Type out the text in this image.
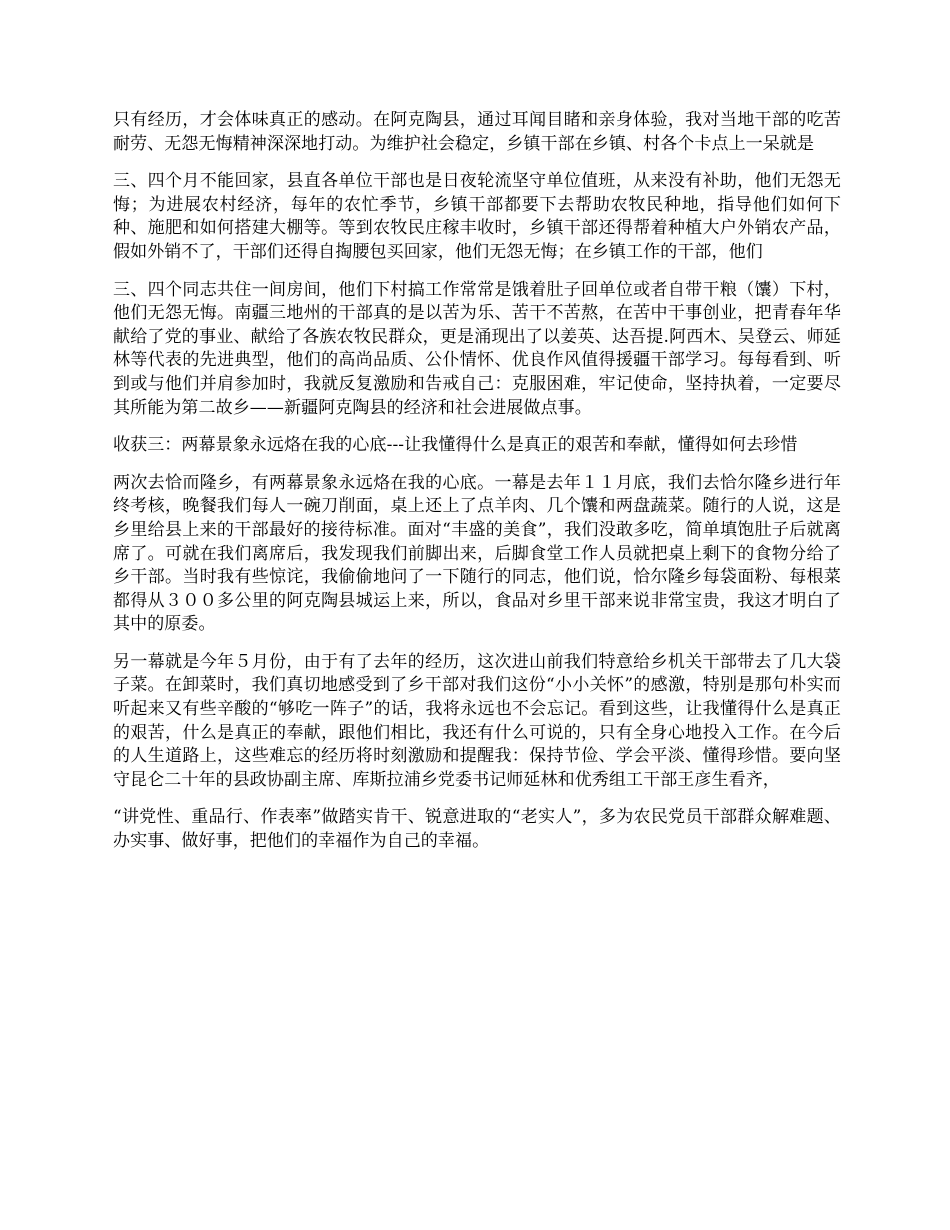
只有经历，才会体味真正的感动。在阿克陶县，通过耳闻目睹和亲身体验，我对当地干部的吃苦耐劳、无怨无悔精神深深地打动。为维护社会稳定，乡镇干部在乡镇、村各个卡点上一呆就是

三、四个月不能回家，县直各单位干部也是日夜轮流坚守单位值班，从来没有补助，他们无怨无悔；为进展农村经济，每年的农忙季节，乡镇干部都要下去帮助农牧民种地，指导他们如何下种、施肥和如何搭建大棚等。等到农牧民庄稼丰收时，乡镇干部还得帮着种植大户外销农产品，假如外销不了，干部们还得自掏腰包买回家，他们无怨无悔；在乡镇工作的干部，他们

三、四个同志共住一间房间，他们下村搞工作常常是饿着肚子回单位或者自带干粮（馕）下村，他们无怨无悔。南疆三地州的干部真的是以苦为乐、苦干不苦熬，在苦中干事创业，把青春年华献给了党的事业、献给了各族农牧民群众，更是涌现出了以姜英、达吾提.阿西木、吴登云、师延林等代表的先进典型，他们的高尚品质、公仆情怀、优良作风值得援疆干部学习。每每看到、听到或与他们并肩参加时，我就反复激励和告戒自己：克服困难，牢记使命，坚持执着，一定要尽其所能为第二故乡——新疆阿克陶县的经济和社会进展做点事。

收获三：两幕景象永远烙在我的心底---让我懂得什么是真正的艰苦和奉献，懂得如何去珍惜

两次去恰而隆乡，有两幕景象永远烙在我的心底。一幕是去年１１月底，我们去恰尔隆乡进行年终考核，晚餐我们每人一碗刀削面，桌上还上了点羊肉、几个馕和两盘蔬菜。随行的人说，这是乡里给县上来的干部最好的接待标准。面对“丰盛的美食”，我们没敢多吃，简单填饱肚子后就离席了。可就在我们离席后，我发现我们前脚出来，后脚食堂工作人员就把桌上剩下的食物分给了乡干部。当时我有些惊诧，我偷偷地问了一下随行的同志，他们说，恰尔隆乡每袋面粉、每根菜都得从３００多公里的阿克陶县城运上来，所以，食品对乡里干部来说非常宝贵，我这才明白了其中的原委。

另一幕就是今年５月份，由于有了去年的经历，这次进山前我们特意给乡机关干部带去了几大袋子菜。在卸菜时，我们真切地感受到了乡干部对我们这份“小小关怀”的感激，特别是那句朴实而听起来又有些辛酸的“够吃一阵子”的话，我将永远也不会忘记。看到这些，让我懂得什么是真正的艰苦，什么是真正的奉献，跟他们相比，我还有什么可说的，只有全身心地投入工作。在今后的人生道路上，这些难忘的经历将时刻激励和提醒我：保持节俭、学会平淡、懂得珍惜。要向坚守昆仑二十年的县政协副主席、库斯拉浦乡党委书记师延林和优秀组工干部王彦生看齐，

“讲党性、重品行、作表率”做踏实肯干、锐意进取的“老实人”，多为农民党员干部群众解难题、办实事、做好事，把他们的幸福作为自己的幸福。
